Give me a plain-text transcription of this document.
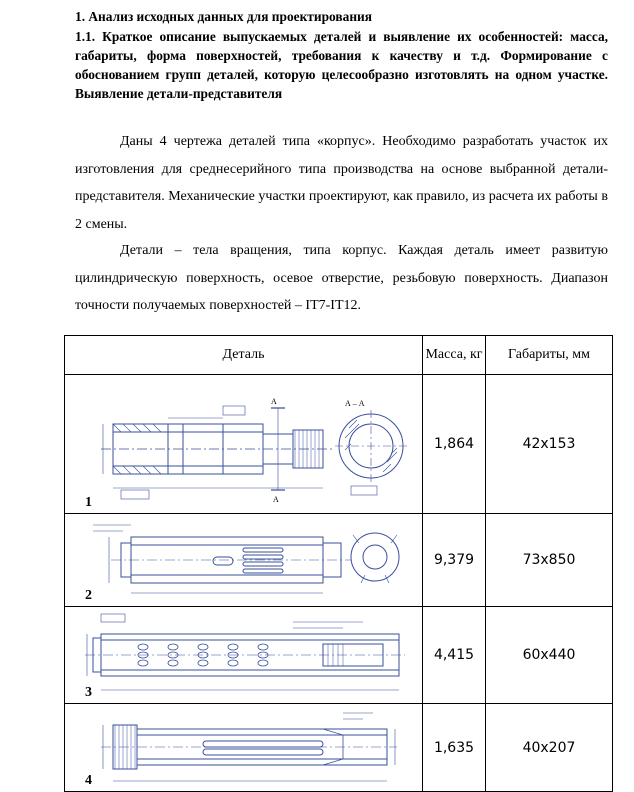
1. Анализ исходных данных для проектирования
1.1. Краткое описание выпускаемых деталей и выявление их особенностей: масса, габариты, форма поверхностей, требования к качеству и т.д. Формирование с обоснованием групп деталей, которую целесообразно изготовлять на одном участке. Выявление детали-представителя

Даны 4 чертежа деталей типа «корпус». Необходимо разработать участок их изготовления для среднесерийного типа производства на основе выбранной детали-представителя. Механические участки проектируют, как правило, из расчета их работы в 2 смены.

Детали – тела вращения, типа корпус. Каждая деталь имеет развитую цилиндрическую поверхность, осевое отверстие, резьбовую поверхность. Диапазон точности получаемых поверхностей – IT7-IT12.

Деталь	Масса, кг	Габариты, мм

А
А
А – А
1	1,864	42х153

2	9,379	73х850

3	4,415	60х440

4	1,635	40х207
